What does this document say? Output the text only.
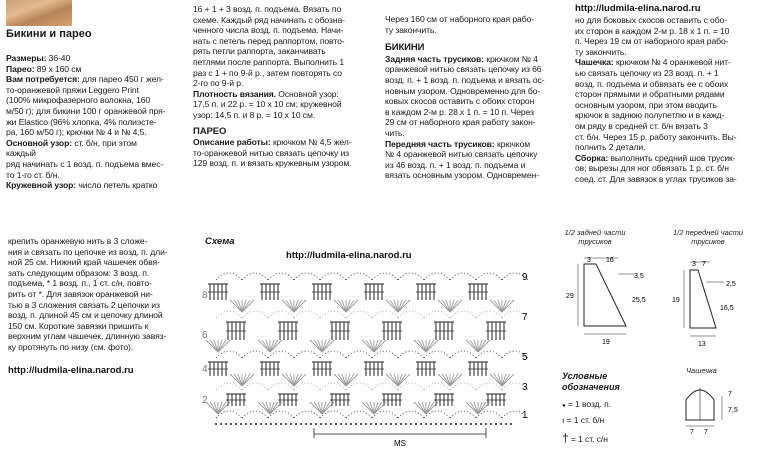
Бикини и парео
Размеры: 36-40
Парео: 89 х 160 см
Вам потребуется: для парео 450 г жел-
то-оранжевой пряжи Leggero Print
(100% микрофазерного волокна, 160
м/50 г); для бикини 100 г оранжевой пря-
жи Elastico (96% хлопка, 4% полиэсте-
ра, 160 м/50 г); крючки № 4 и № 4,5.
Основной узор: ст. б/н, при этом каждый
ряд начинать с 1 возд. п. подъема вмес-
то 1-го ст. б/н.
Кружевной узор: число петель кратко
16 + 1 + 3 возд. п. подъема. Вязать по
схеме. Каждый ряд начинать с обозна-
ченного числа возд. п. подъема. Начи-
нать с петель перед раппортом, повто-
рять петли раппорта, заканчивать
петлями после раппорта. Выполнить 1
раз с 1 + по 9-й р., затем повторять со
2-го по 9-й р.
Плотность вязания. Основной узор:
17,5 п. и 22 р. = 10 х 10 см; кружевной
узор: 14,5 п. и 8 р. = 10 х 10 см.
ПАРЕО
Описание работы: крючком № 4,5 жел-
то-оранжевой нитью связать цепочку из
129 возд. п. и вязать кружевным узором.
Через 160 см от наборного края рабо-
ту закончить.
БИКИНИ
Задняя часть трусиков: крючком № 4
оранжевой нитью связать цепочку из 66
возд. п. + 1 возд. п. подъема и вязать ос-
новным узором. Одновременно для бо-
ковых скосов оставить с обоих сторон
в каждом 2-м р. 28 х 1 п. = 10 п. Через
29 см от наборного края работу закон-
чить.
Передняя часть трусиков: крючком
№ 4 оранжевой нитью связать цепочку
из 46 возд. п. + 1 возд. п. подъема и
вязать основным узором. Одновремен-
http://ludmila-elina.narod.ru
но для боковых скосов оставить с обо-
их сторон в каждом 2-м р. 18 х 1 п. = 10
п. Через 19 см от наборного края рабо-
ту закончить.
Чашечка: крючком № 4 оранжевой нит-
ью связать цепочку из 23 возд. п. + 1
возд. п. подъема и обвязать ее с обоих
сторон прямыми и обратными рядами
основным узором, при этом вводить
крючок в заднюю полупетлю и в кажд-
ом ряду в средней ст. б/н вязать 3
ст. б/н. Через 15 р. работу закончить. Вы-
полнить 2 детали.
Сборка: выполнить средний шов трусик-
ов; вырезы для ног обвязать 1 р. ст. б/н
соед. ст. Для завязок в углах трусиков за-
крепить оранжевую нить в 3 сложе-
ния и связать по цепочке из возд. п. дли-
ной 25 см. Нижний край чашечек обвя-
зать следующим образом: 3 возд. п.
подъема, * 1 возд. п., 1 ст. с/н, повто-
рить от *. Для завязок оранжевой ни-
тью в 3 сложения связать 2 цепочки из
возд. п. длиной 45 см и цепочку длиной
150 см. Короткие завязки пришить к
верхним углам чашечек, длинную завяз-
ку протянуть по низу (см. фото).
http://ludmila-elina.narod.ru
Схема
http://ludmila-elina.narod.ru
9
7
5
3
1
8
6
4
2
MS
1/2 задней части трусиков
3 16
3,5
29
25,5
19
1/2 передней части трусиков
3 7
2,5
19
16,5
13
Условные
обозначения
● = 1 возд. п.
ı = 1 ст. б/н
† = 1 ст. с/н
Чашечка
7
7,5
7 7
